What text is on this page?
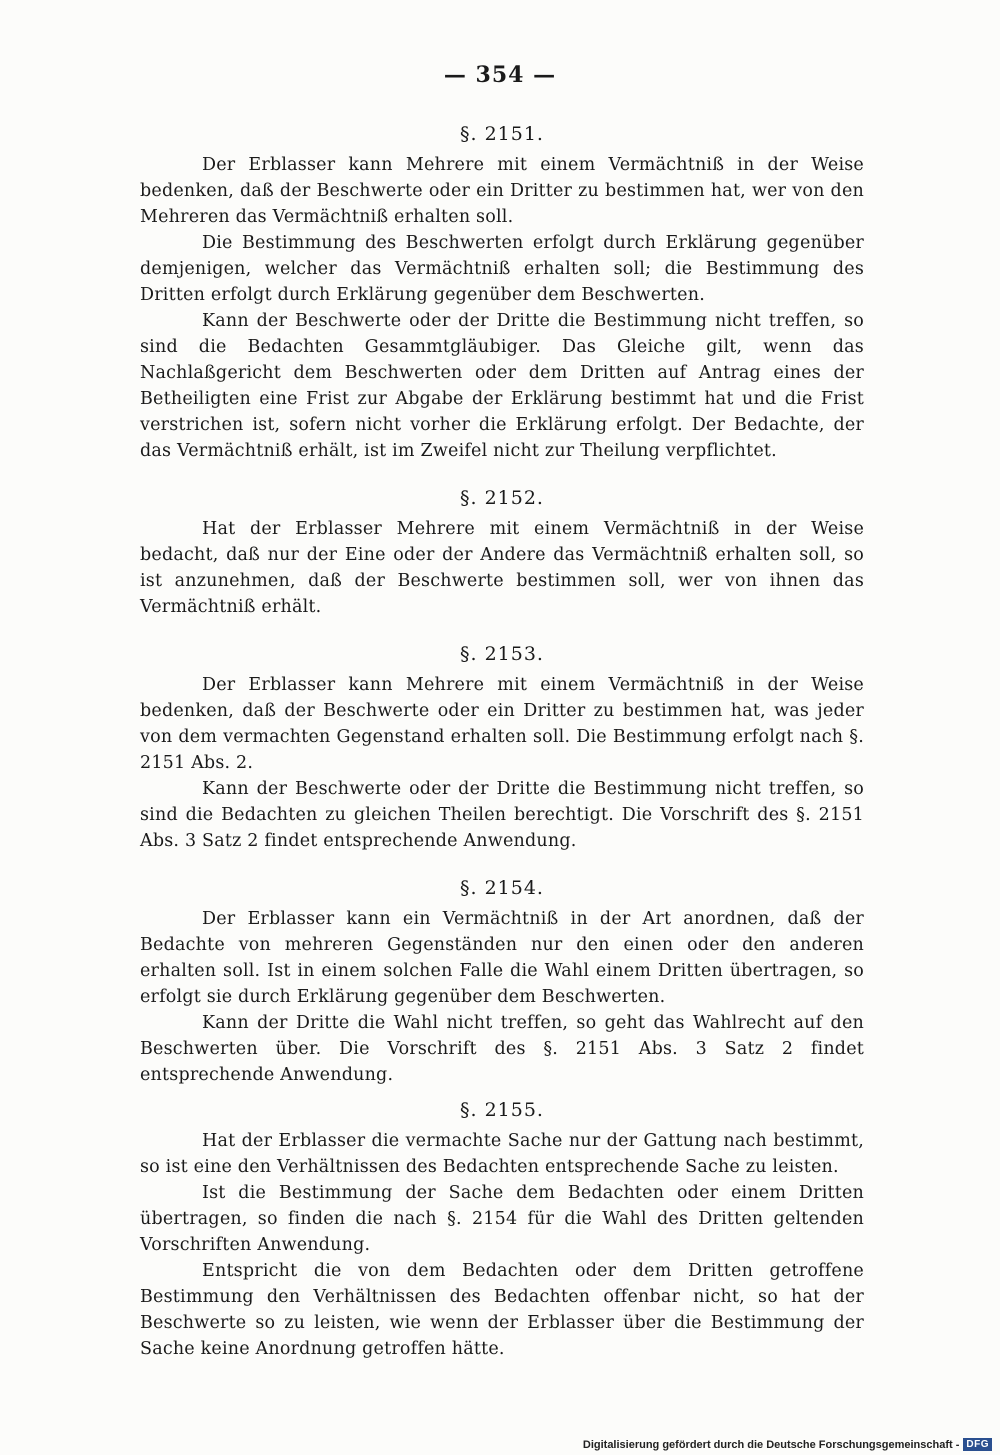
— 354 —
§. 2151.

Der Erblasser kann Mehrere mit einem Vermächtniß in der Weise bedenken, daß der Beschwerte oder ein Dritter zu bestimmen hat, wer von den Mehreren das Vermächtniß erhalten soll.

Die Bestimmung des Beschwerten erfolgt durch Erklärung gegenüber demjenigen, welcher das Vermächtniß erhalten soll; die Bestimmung des Dritten erfolgt durch Erklärung gegenüber dem Beschwerten.

Kann der Beschwerte oder der Dritte die Bestimmung nicht treffen, so sind die Bedachten Gesammtgläubiger. Das Gleiche gilt, wenn das Nachlaßgericht dem Beschwerten oder dem Dritten auf Antrag eines der Betheiligten eine Frist zur Abgabe der Erklärung bestimmt hat und die Frist verstrichen ist, sofern nicht vorher die Erklärung erfolgt. Der Bedachte, der das Vermächtniß erhält, ist im Zweifel nicht zur Theilung verpflichtet.

§. 2152.

Hat der Erblasser Mehrere mit einem Vermächtniß in der Weise bedacht, daß nur der Eine oder der Andere das Vermächtniß erhalten soll, so ist anzunehmen, daß der Beschwerte bestimmen soll, wer von ihnen das Vermächtniß erhält.

§. 2153.

Der Erblasser kann Mehrere mit einem Vermächtniß in der Weise bedenken, daß der Beschwerte oder ein Dritter zu bestimmen hat, was jeder von dem vermachten Gegenstand erhalten soll. Die Bestimmung erfolgt nach §. 2151 Abs. 2.

Kann der Beschwerte oder der Dritte die Bestimmung nicht treffen, so sind die Bedachten zu gleichen Theilen berechtigt. Die Vorschrift des §. 2151 Abs. 3 Satz 2 findet entsprechende Anwendung.

§. 2154.

Der Erblasser kann ein Vermächtniß in der Art anordnen, daß der Bedachte von mehreren Gegenständen nur den einen oder den anderen erhalten soll. Ist in einem solchen Falle die Wahl einem Dritten übertragen, so erfolgt sie durch Erklärung gegenüber dem Beschwerten.

Kann der Dritte die Wahl nicht treffen, so geht das Wahlrecht auf den Beschwerten über. Die Vorschrift des §. 2151 Abs. 3 Satz 2 findet entsprechende Anwendung.

§. 2155.

Hat der Erblasser die vermachte Sache nur der Gattung nach bestimmt, so ist eine den Verhältnissen des Bedachten entsprechende Sache zu leisten.

Ist die Bestimmung der Sache dem Bedachten oder einem Dritten übertragen, so finden die nach §. 2154 für die Wahl des Dritten geltenden Vorschriften Anwendung.

Entspricht die von dem Bedachten oder dem Dritten getroffene Bestimmung den Verhältnissen des Bedachten offenbar nicht, so hat der Beschwerte so zu leisten, wie wenn der Erblasser über die Bestimmung der Sache keine Anordnung getroffen hätte.

Digitalisierung gefördert durch die Deutsche Forschungsgemeinschaft - DFG
